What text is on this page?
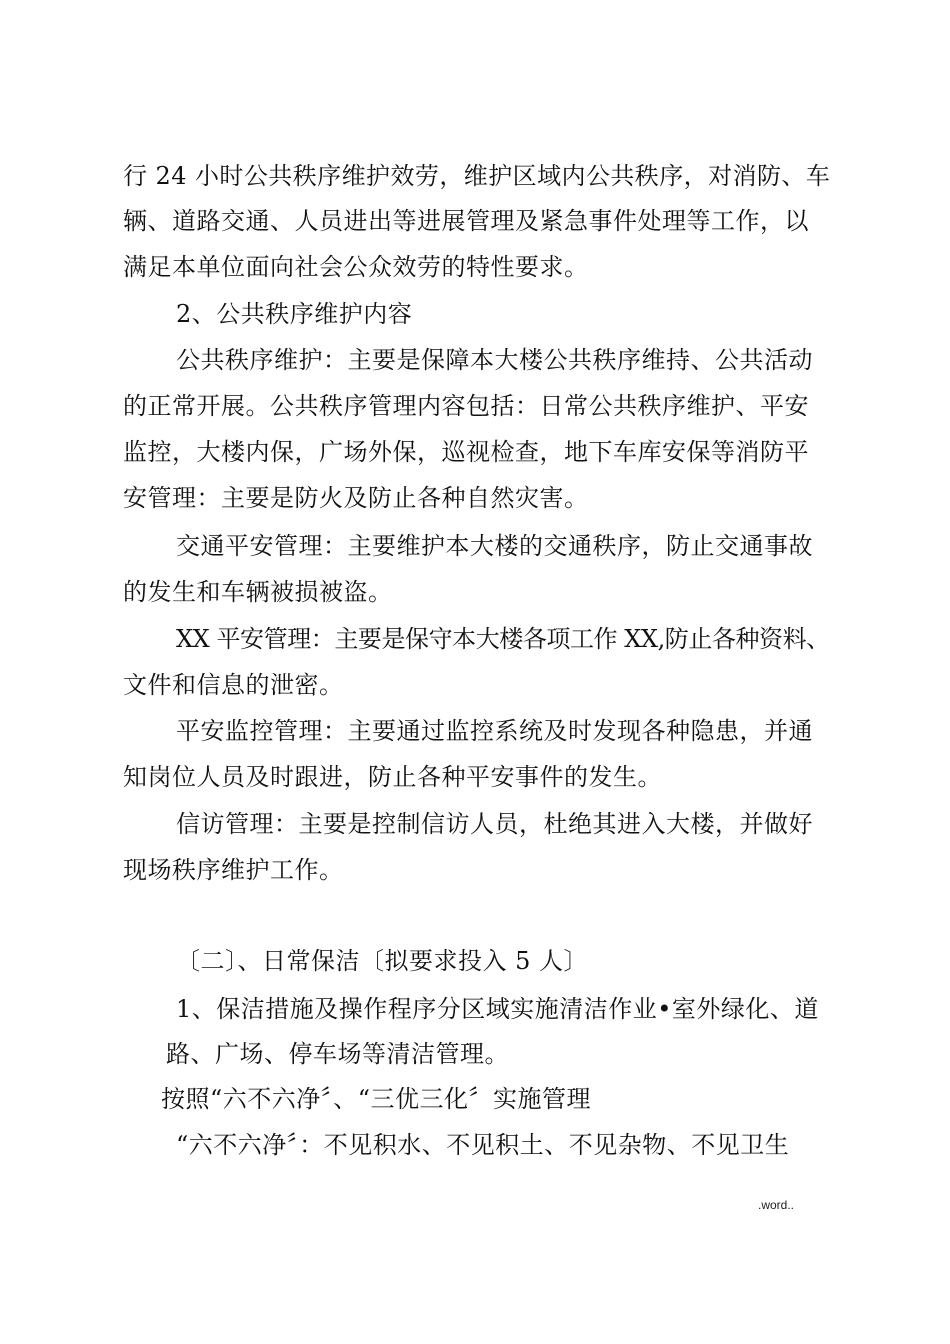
行 24 小时公共秩序维护效劳，维护区域内公共秩序，对消防、车
辆、道路交通、人员进出等进展管理及紧急事件处理等工作，以
满足本单位面向社会公众效劳的特性要求。
2、公共秩序维护内容
公共秩序维护：主要是保障本大楼公共秩序维持、公共活动
的正常开展。公共秩序管理内容包括：日常公共秩序维护、平安
监控，大楼内保，广场外保，巡视检查，地下车库安保等消防平
安管理：主要是防火及防止各种自然灾害。
交通平安管理：主要维护本大楼的交通秩序，防止交通事故
的发生和车辆被损被盗。
XX 平安管理：主要是保守本大楼各项工作 XX,防止各种资料、
文件和信息的泄密。
平安监控管理：主要通过监控系统及时发现各种隐患，并通
知岗位人员及时跟进，防止各种平安事件的发生。
信访管理：主要是控制信访人员，杜绝其进入大楼，并做好
现场秩序维护工作。
〔二〕、日常保洁〔拟要求投入 5 人〕
1、保洁措施及操作程序分区域实施清洁作业•室外绿化、道
路、广场、停车场等清洁管理。
按照“六不六净〞、“三优三化〞实施管理
“六不六净〞：不见积水、不见积土、不见杂物、不见卫生
.word..
